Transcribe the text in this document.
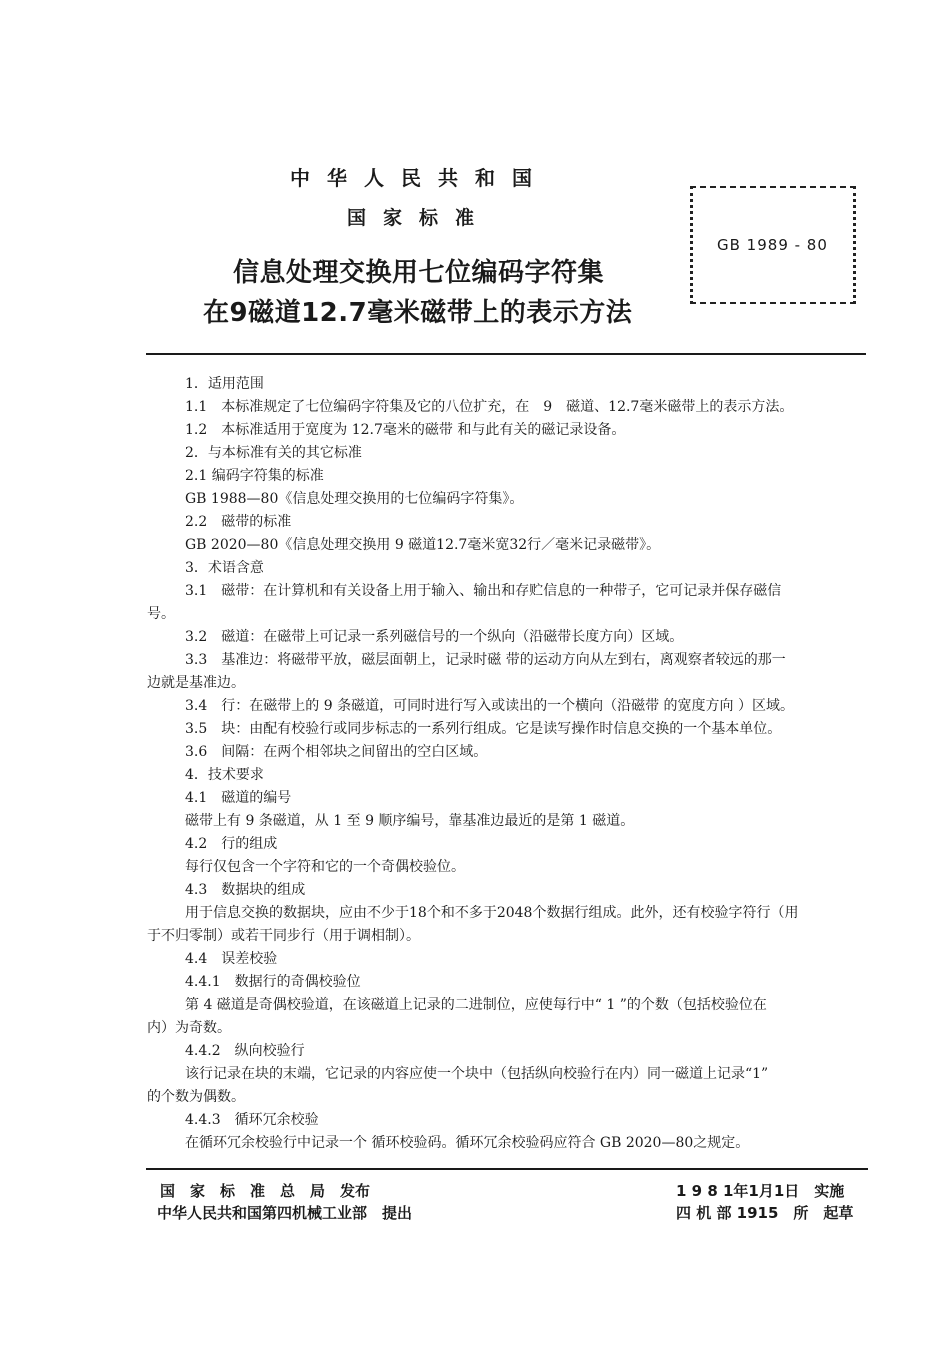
中华人民共和国
国家标准
信息处理交换用七位编码字符集
在9磁道12.7毫米磁带上的表示方法
GB 1989 - 80
1．适用范围
1.1　本标准规定了七位编码字符集及它的八位扩充，在　9　磁道、12.7毫米磁带上的表示方法。
1.2　本标准适用于宽度为 12.7毫米的磁带 和与此有关的磁记录设备。
2．与本标准有关的其它标准
2.1 编码字符集的标准
GB 1988—80《信息处理交换用的七位编码字符集》。
2.2　磁带的标准
GB 2020—80《信息处理交换用 9 磁道12.7毫米宽32行／毫米记录磁带》。
3．术语含意
3.1　磁带：在计算机和有关设备上用于输入、输出和存贮信息的一种带子，它可记录并保存磁信
号。
3.2　磁道：在磁带上可记录一系列磁信号的一个纵向（沿磁带长度方向）区域。
3.3　基准边：将磁带平放，磁层面朝上，记录时磁 带的运动方向从左到右，离观察者较远的那一
边就是基准边。
3.4　行：在磁带上的 9 条磁道，可同时进行写入或读出的一个横向（沿磁带 的宽度方向 ）区域。
3.5　块：由配有校验行或同步标志的一系列行组成。它是读写操作时信息交换的一个基本单位。
3.6　间隔：在两个相邻块之间留出的空白区域。
4．技术要求
4.1　磁道的编号
磁带上有 9 条磁道，从 1 至 9 顺序编号，靠基准边最近的是第 1 磁道。
4.2　行的组成
每行仅包含一个字符和它的一个奇偶校验位。
4.3　数据块的组成
用于信息交换的数据块，应由不少于18个和不多于2048个数据行组成。此外，还有校验字符行（用
于不归零制）或若干同步行（用于调相制）。
4.4　误差校验
4.4.1　数据行的奇偶校验位
第 4 磁道是奇偶校验道，在该磁道上记录的二进制位，应使每行中“ 1 ”的个数（包括校验位在
内）为奇数。
4.4.2　纵向校验行
该行记录在块的末端，它记录的内容应使一个块中（包括纵向校验行在内）同一磁道上记录“1”
的个数为偶数。
4.4.3　循环冗余校验
在循环冗余校验行中记录一个 循环校验码。循环冗余校验码应符合 GB 2020—80之规定。
国　家　标　准　总　局　发布
中华人民共和国第四机械工业部　提出
1 9 8 1年1月1日　实施
四 机 部 1915　所　起草
